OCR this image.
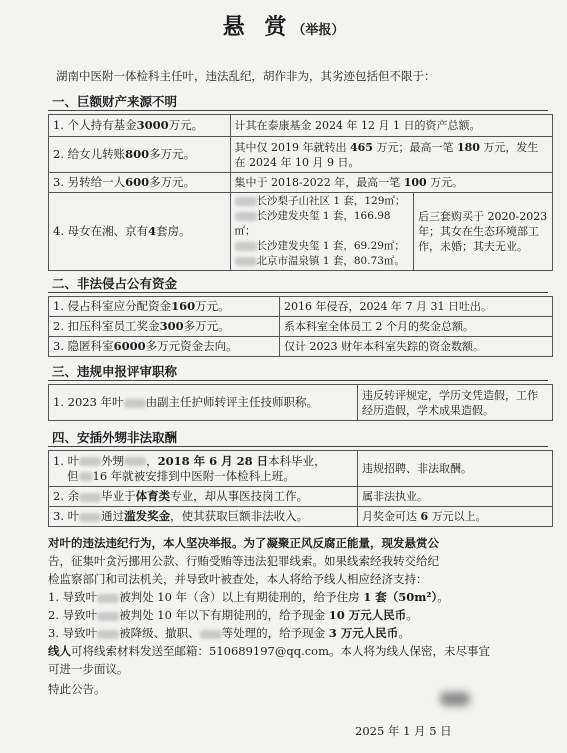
悬 赏（举报）
湖南中医附一体检科主任叶，违法乱纪，胡作非为，其劣迹包括但不限于：
一、巨额财产来源不明
1. 个人持有基金3000万元。	计其在泰康基金 2024 年 12 月 1 日的资产总额。	
2. 给女儿转账800多万元。	其中仅 2019 年就转出 465 万元；最高一笔 180 万元，发生在 2024 年 10 月 9 日。	
3. 另转给一人600多万元。	集中于 2018-2022 年，最高一笔 100 万元。	
4. 母女在湘、京有4套房。	长沙梨子山社区 1 套，129㎡；
长沙建发央玺 1 套，166.98㎡；
长沙建发央玺 1 套，69.29㎡；
北京市温泉镇 1 套，80.73㎡。	后三套购买于 2020-2023 年；其女在生态环境部工作，未婚；其夫无业。
二、非法侵占公有资金
1. 侵占科室应分配资金160万元。	2016 年侵吞，2024 年 7 月 31 日吐出。
2. 扣压科室员工奖金300多万元。	系本科室全体员工 2 个月的奖金总额。
3. 隐匿科室6000多万元资金去向。	仅计 2023 财年本科室失踪的资金数额。
三、违规申报评审职称
1. 2023 年叶 由副主任护师转评主任技师职称。	违反转评规定，学历文凭造假，工作经历造假，学术成果造假。
四、安插外甥非法取酬
1. 叶 外甥 ，2018 年 6 月 28 日本科毕业，
但 16 年就被安排到中医附一体检科上班。	违规招聘、非法取酬。
2. 余 毕业于体育类专业，却从事医技岗工作。	属非法执业。
3. 叶 通过滥发奖金，使其获取巨额非法收入。	月奖金可达 6 万元以上。
对叶的违法违纪行为，本人坚决举报。为了凝聚正风反腐正能量，现发悬赏公
告，征集叶贪污挪用公款、行贿受贿等违法犯罪线索。如果线索经我转交给纪
检监察部门和司法机关，并导致叶被查处，本人将给予线人相应经济支持：
1. 导致叶 被判处 10 年（含）以上有期徒刑的，给予住房 1 套（50m²）。
2. 导致叶 被判处 10 年以下有期徒刑的，给予现金 10 万元人民币。
3. 导致叶 被降级、撤职、 等处理的，给予现金 3 万元人民币。
线人可将线索材料发送至邮箱：510689197@qq.com。本人将为线人保密，未尽事宜
可进一步面议。
特此公告。
2025 年 1 月 5 日
